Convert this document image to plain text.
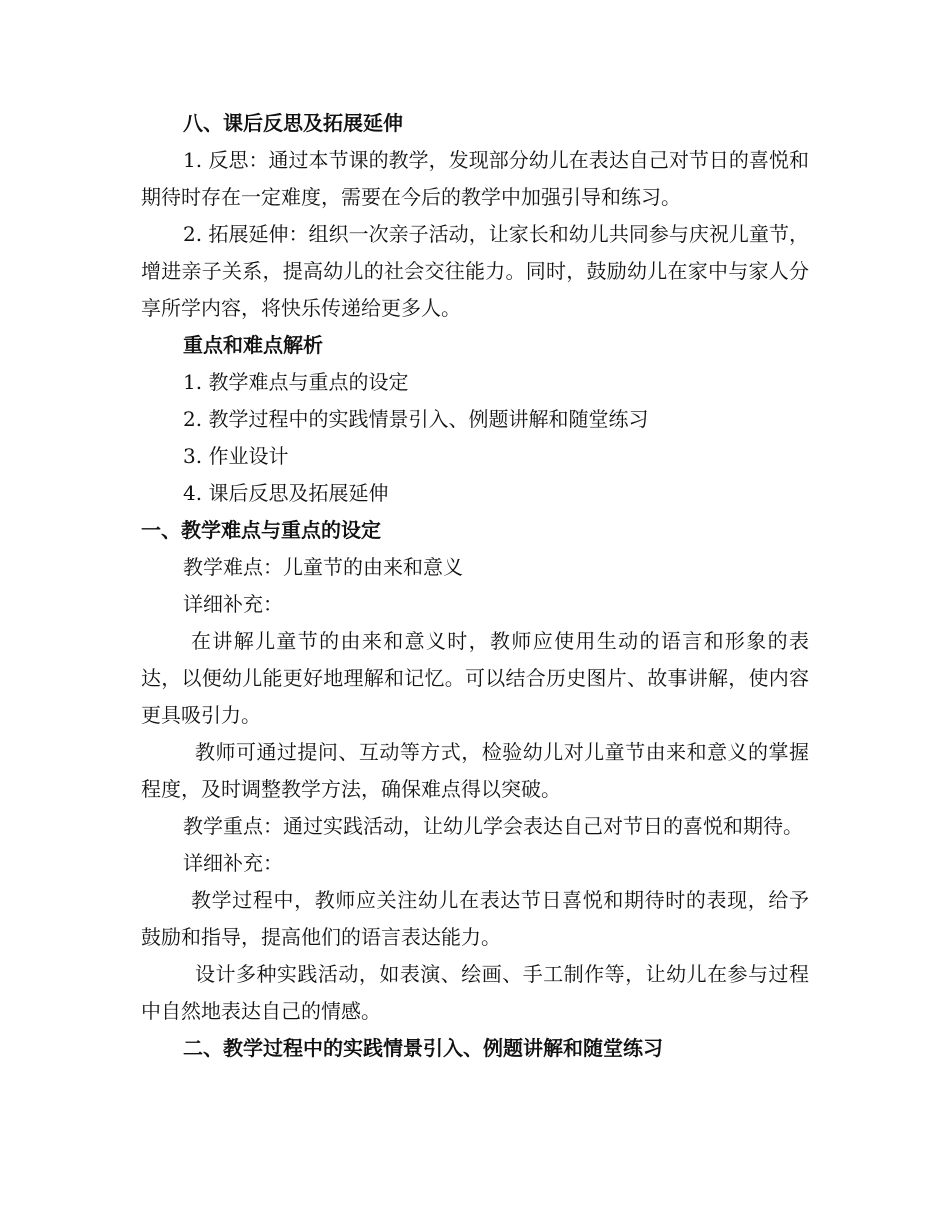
八、课后反思及拓展延伸

1. 反思：通过本节课的教学，发现部分幼儿在表达自己对节日的喜悦和期待时存在一定难度，需要在今后的教学中加强引导和练习。

2. 拓展延伸：组织一次亲子活动，让家长和幼儿共同参与庆祝儿童节，增进亲子关系，提高幼儿的社会交往能力。同时，鼓励幼儿在家中与家人分享所学内容，将快乐传递给更多人。

重点和难点解析

1. 教学难点与重点的设定

2. 教学过程中的实践情景引入、例题讲解和随堂练习

3. 作业设计

4. 课后反思及拓展延伸

一、教学难点与重点的设定

教学难点：儿童节的由来和意义

详细补充：

在讲解儿童节的由来和意义时，教师应使用生动的语言和形象的表达，以便幼儿能更好地理解和记忆。可以结合历史图片、故事讲解，使内容更具吸引力。

教师可通过提问、互动等方式，检验幼儿对儿童节由来和意义的掌握程度，及时调整教学方法，确保难点得以突破。

教学重点：通过实践活动，让幼儿学会表达自己对节日的喜悦和期待。

详细补充：

教学过程中，教师应关注幼儿在表达节日喜悦和期待时的表现，给予鼓励和指导，提高他们的语言表达能力。

设计多种实践活动，如表演、绘画、手工制作等，让幼儿在参与过程中自然地表达自己的情感。

二、教学过程中的实践情景引入、例题讲解和随堂练习
